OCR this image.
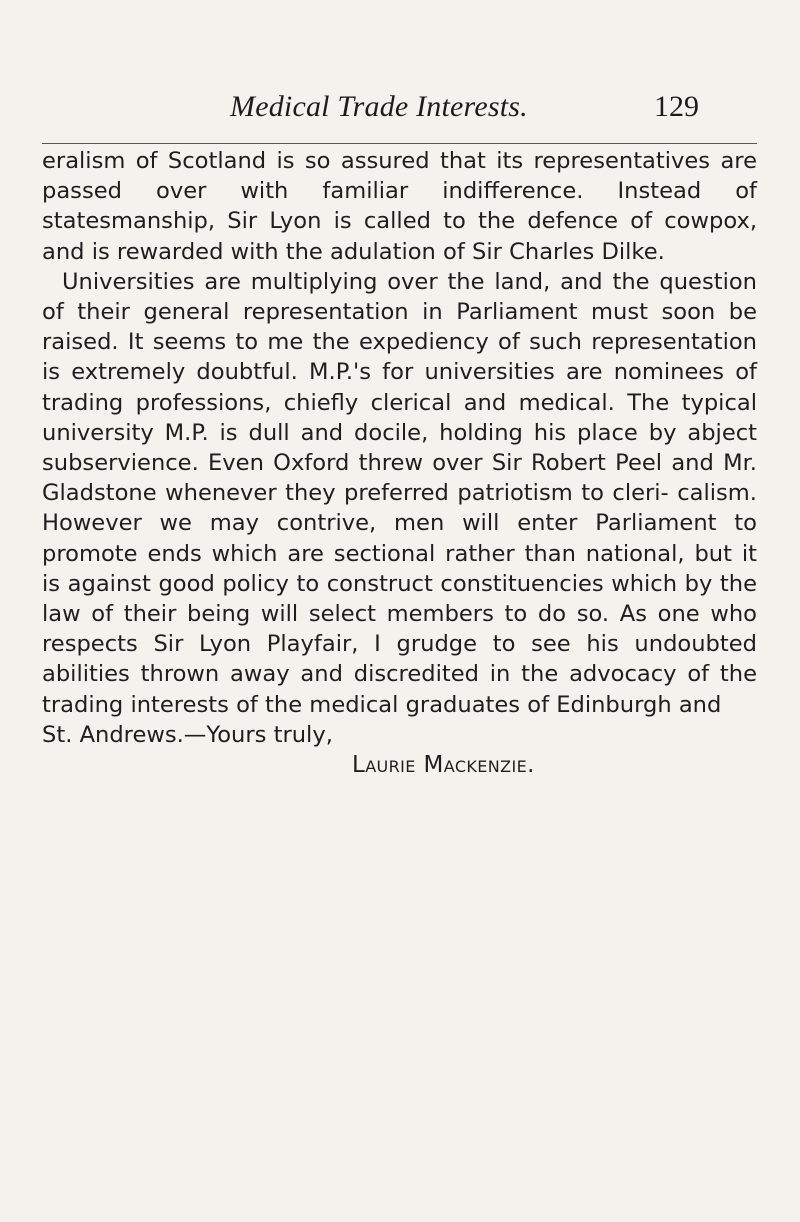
Medical Trade Interests.	129

eralism of Scotland is so assured that its representatives are passed over with familiar indifference. Instead of statesmanship, Sir Lyon is called to the defence of cowpox, and is rewarded with the adulation of Sir Charles Dilke.

Universities are multiplying over the land, and the question of their general representation in Parliament must soon be raised. It seems to me the expediency of such representation is extremely doubtful. M.P.'s for universities are nominees of trading professions, chiefly clerical and medical. The typical university M.P. is dull and docile, holding his place by abject subservience. Even Oxford threw over Sir Robert Peel and Mr. Gladstone whenever they preferred patriotism to cleri- calism. However we may contrive, men will enter Parliament to promote ends which are sectional rather than national, but it is against good policy to construct constituencies which by the law of their being will select members to do so. As one who respects Sir Lyon Playfair, I grudge to see his undoubted abilities thrown away and discredited in the advocacy of the trading interests of the medical graduates of Edinburgh and

St. Andrews.—Yours truly,

Laurie Mackenzie.
